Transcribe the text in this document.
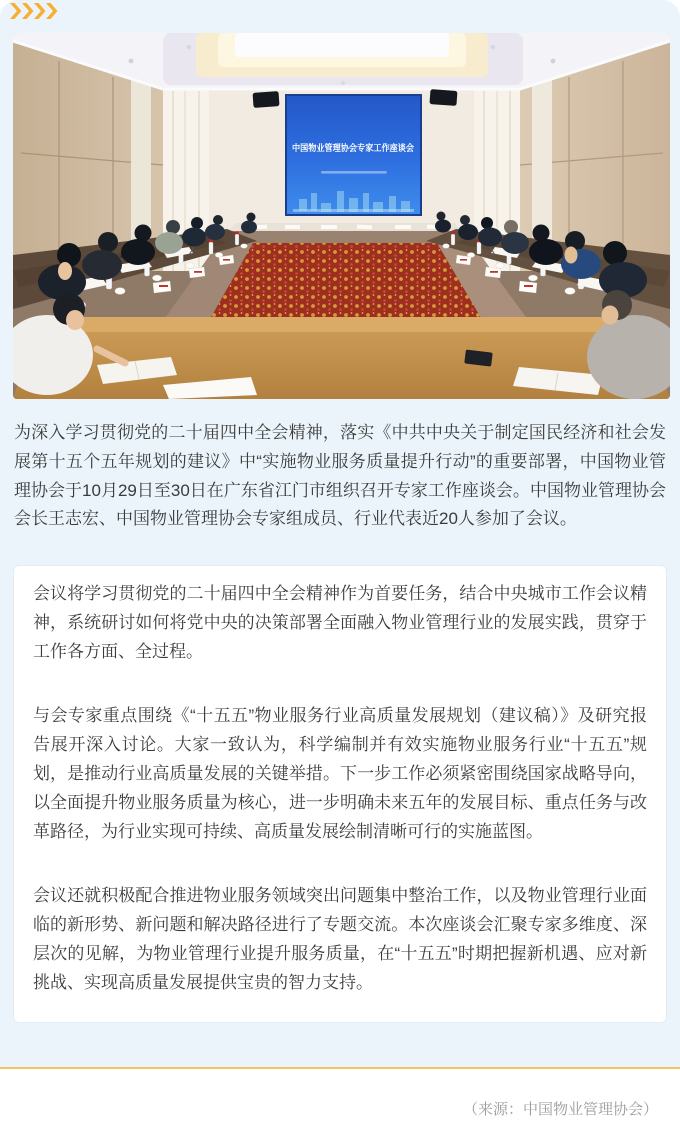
中国物业管理协会专家工作座谈会

为深入学习贯彻党的二十届四中全会精神，落实《中共中央关于制定国民经济和社会发展第十五个五年规划的建议》中“实施物业服务质量提升行动”的重要部署，中国物业管理协会于10月29日至30日在广东省江门市组织召开专家工作座谈会。中国物业管理协会会长王志宏、中国物业管理协会专家组成员、行业代表近20人参加了会议。

会议将学习贯彻党的二十届四中全会精神作为首要任务，结合中央城市工作会议精神，系统研讨如何将党中央的决策部署全面融入物业管理行业的发展实践，贯穿于工作各方面、全过程。

与会专家重点围绕《“十五五”物业服务行业高质量发展规划（建议稿）》及研究报告展开深入讨论。大家一致认为，科学编制并有效实施物业服务行业“十五五”规划，是推动行业高质量发展的关键举措。下一步工作必须紧密围绕国家战略导向，以全面提升物业服务质量为核心，进一步明确未来五年的发展目标、重点任务与改革路径，为行业实现可持续、高质量发展绘制清晰可行的实施蓝图。

会议还就积极配合推进物业服务领域突出问题集中整治工作，以及物业管理行业面临的新形势、新问题和解决路径进行了专题交流。本次座谈会汇聚专家多维度、深层次的见解，为物业管理行业提升服务质量，在“十五五”时期把握新机遇、应对新挑战、实现高质量发展提供宝贵的智力支持。

（来源：中国物业管理协会）
